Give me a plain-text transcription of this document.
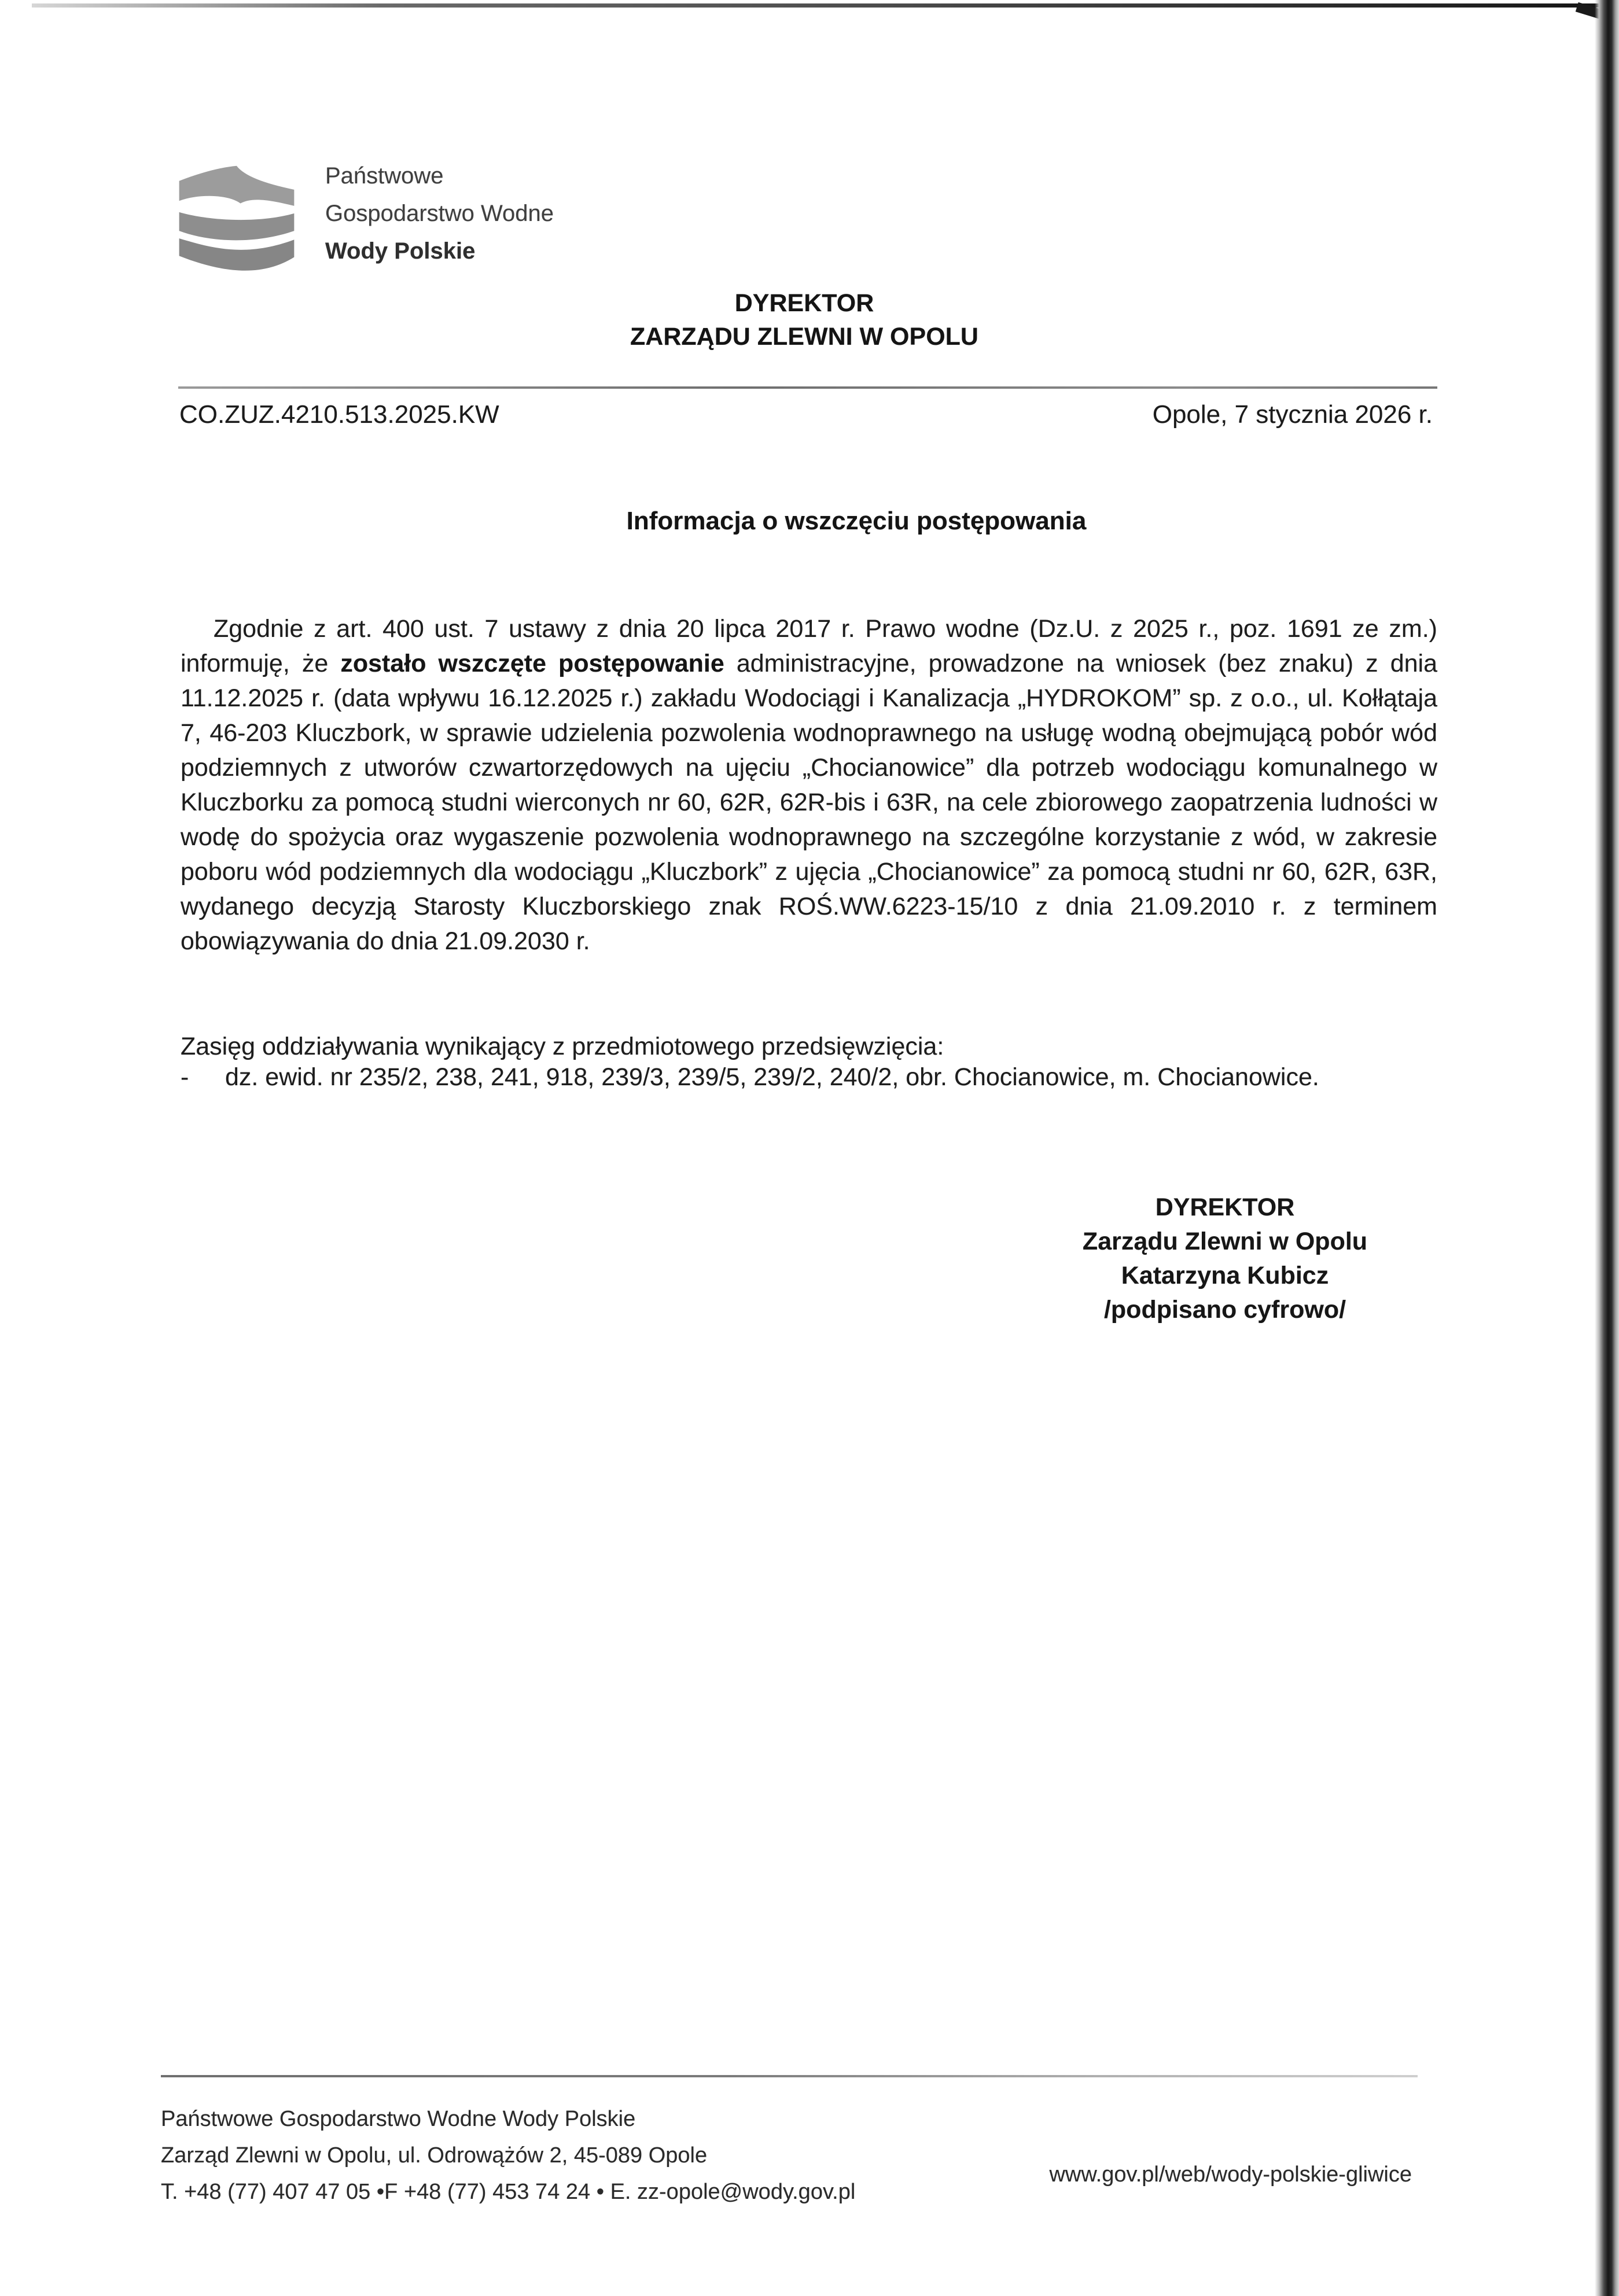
Państwowe
Gospodarstwo Wodne
Wody Polskie
DYREKTOR
ZARZĄDU ZLEWNI W OPOLU
CO.ZUZ.4210.513.2025.KW	Opole, 7 stycznia 2026 r.
Informacja o wszczęciu postępowania

Zgodnie z art. 400 ust. 7 ustawy z dnia 20 lipca 2017 r. Prawo wodne (Dz.U. z 2025 r., poz. 1691 ze zm.) informuję, że zostało wszczęte postępowanie administracyjne, prowadzone na wniosek (bez znaku) z dnia 11.12.2025 r. (data wpływu 16.12.2025 r.) zakładu Wodociągi i Kanalizacja „HYDROKOM” sp. z o.o., ul. Kołłątaja 7, 46-203 Kluczbork, w sprawie udzielenia pozwolenia wodnoprawnego na usługę wodną obejmującą pobór wód podziemnych z utworów czwartorzędowych na ujęciu „Chocianowice” dla potrzeb wodociągu komunalnego w Kluczborku za pomocą studni wierconych nr 60, 62R, 62R-bis i 63R, na cele zbiorowego zaopatrzenia ludności w wodę do spożycia oraz wygaszenie pozwolenia wodnoprawnego na szczególne korzystanie z wód, w zakresie poboru wód podziemnych dla wodociągu „Kluczbork” z ujęcia „Chocianowice” za pomocą studni nr 60, 62R, 63R, wydanego decyzją Starosty Kluczborskiego znak ROŚ.WW.6223-15/10 z dnia 21.09.2010 r. z terminem obowiązywania do dnia 21.09.2030 r.

Zasięg oddziaływania wynikający z przedmiotowego przedsięwzięcia:

-	dz. ewid. nr 235/2, 238, 241, 918, 239/3, 239/5, 239/2, 240/2, obr. Chocianowice, m. Chocianowice.
DYREKTOR
Zarządu Zlewni w Opolu
Katarzyna Kubicz
/podpisano cyfrowo/
Państwowe Gospodarstwo Wodne Wody Polskie
Zarząd Zlewni w Opolu, ul. Odrowążów 2, 45-089 Opole
T. +48 (77) 407 47 05 •F +48 (77) 453 74 24 • E. zz-opole@wody.gov.pl
www.gov.pl/web/wody-polskie-gliwice
